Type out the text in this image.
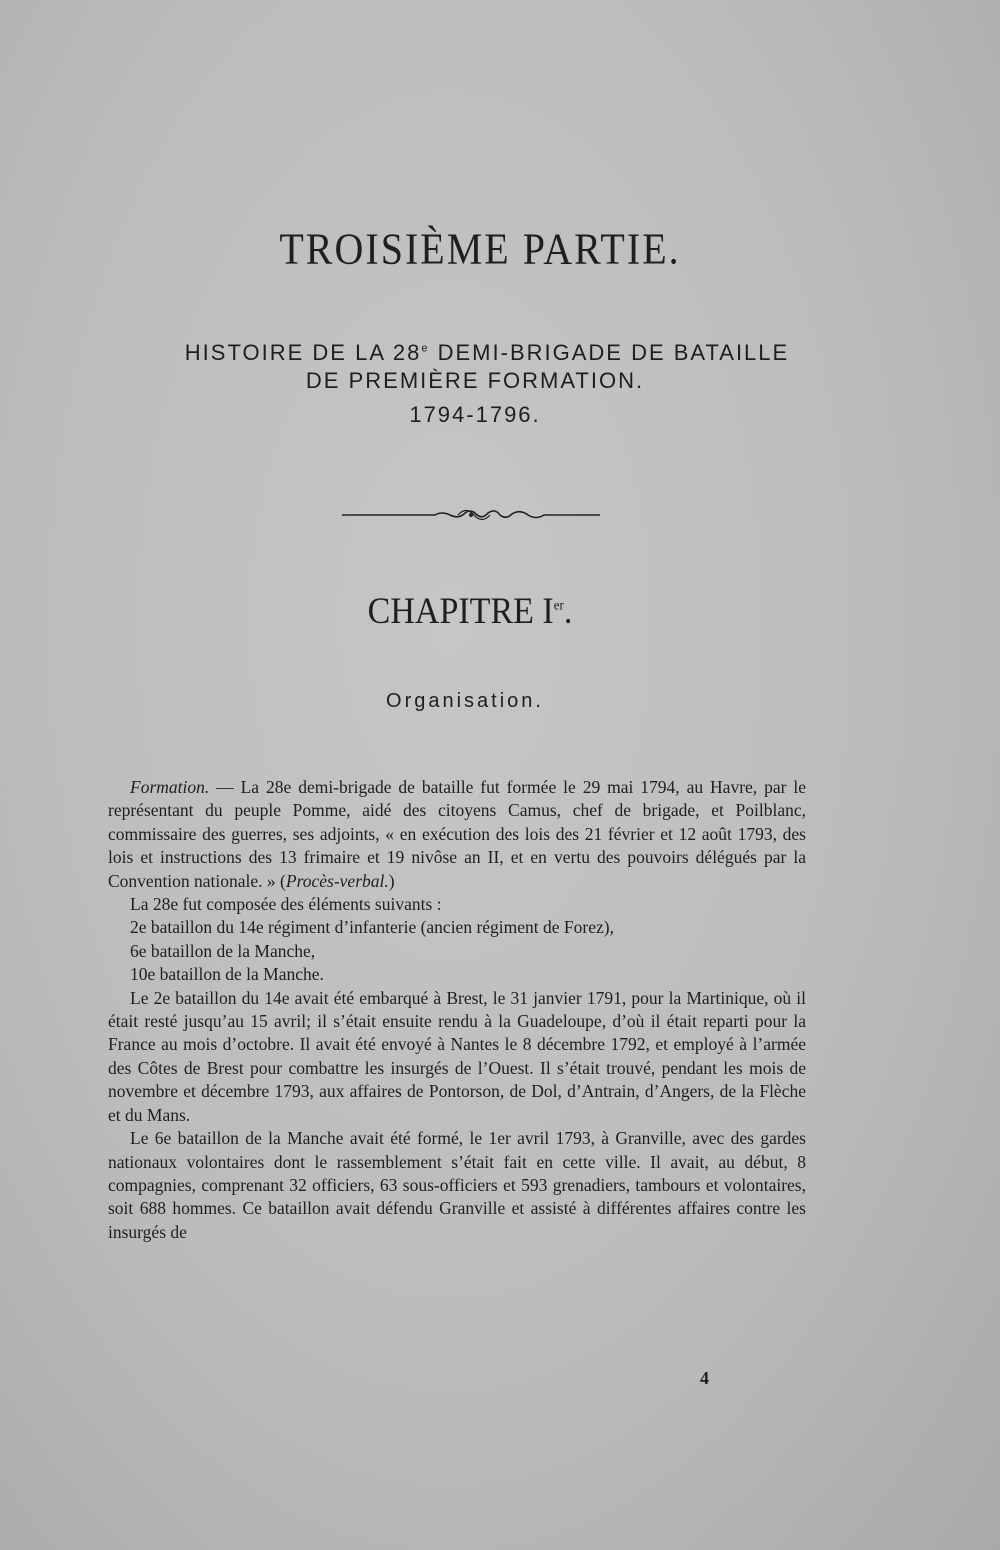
TROISIÈME PARTIE.
HISTOIRE DE LA 28e DEMI-BRIGADE DE BATAILLE
DE PREMIÈRE FORMATION.
1794-1796.
CHAPITRE Ier.
Organisation.

Formation. — La 28e demi-brigade de bataille fut formée le 29 mai 1794, au Havre, par le représentant du peuple Pomme, aidé des citoyens Camus, chef de brigade, et Poilblanc, commissaire des guerres, ses adjoints, « en exécution des lois des 21 février et 12 août 1793, des lois et instructions des 13 frimaire et 19 nivôse an II, et en vertu des pouvoirs délégués par la Convention nationale. » (Procès-verbal.)

La 28e fut composée des éléments suivants :

2e bataillon du 14e régiment d’infanterie (ancien régiment de Forez),

6e bataillon de la Manche,

10e bataillon de la Manche.

Le 2e bataillon du 14e avait été embarqué à Brest, le 31 janvier 1791, pour la Martinique, où il était resté jusqu’au 15 avril; il s’était ensuite rendu à la Guadeloupe, d’où il était reparti pour la France au mois d’octobre. Il avait été envoyé à Nantes le 8 décembre 1792, et employé à l’armée des Côtes de Brest pour combattre les insurgés de l’Ouest. Il s’était trouvé, pendant les mois de novembre et décembre 1793, aux affaires de Pontorson, de Dol, d’Antrain, d’Angers, de la Flèche et du Mans.

Le 6e bataillon de la Manche avait été formé, le 1er avril 1793, à Granville, avec des gardes nationaux volontaires dont le rassemblement s’était fait en cette ville. Il avait, au début, 8 compagnies, comprenant 32 officiers, 63 sous-officiers et 593 grenadiers, tambours et volontaires, soit 688 hommes. Ce bataillon avait défendu Granville et assisté à différentes affaires contre les insurgés de

4
